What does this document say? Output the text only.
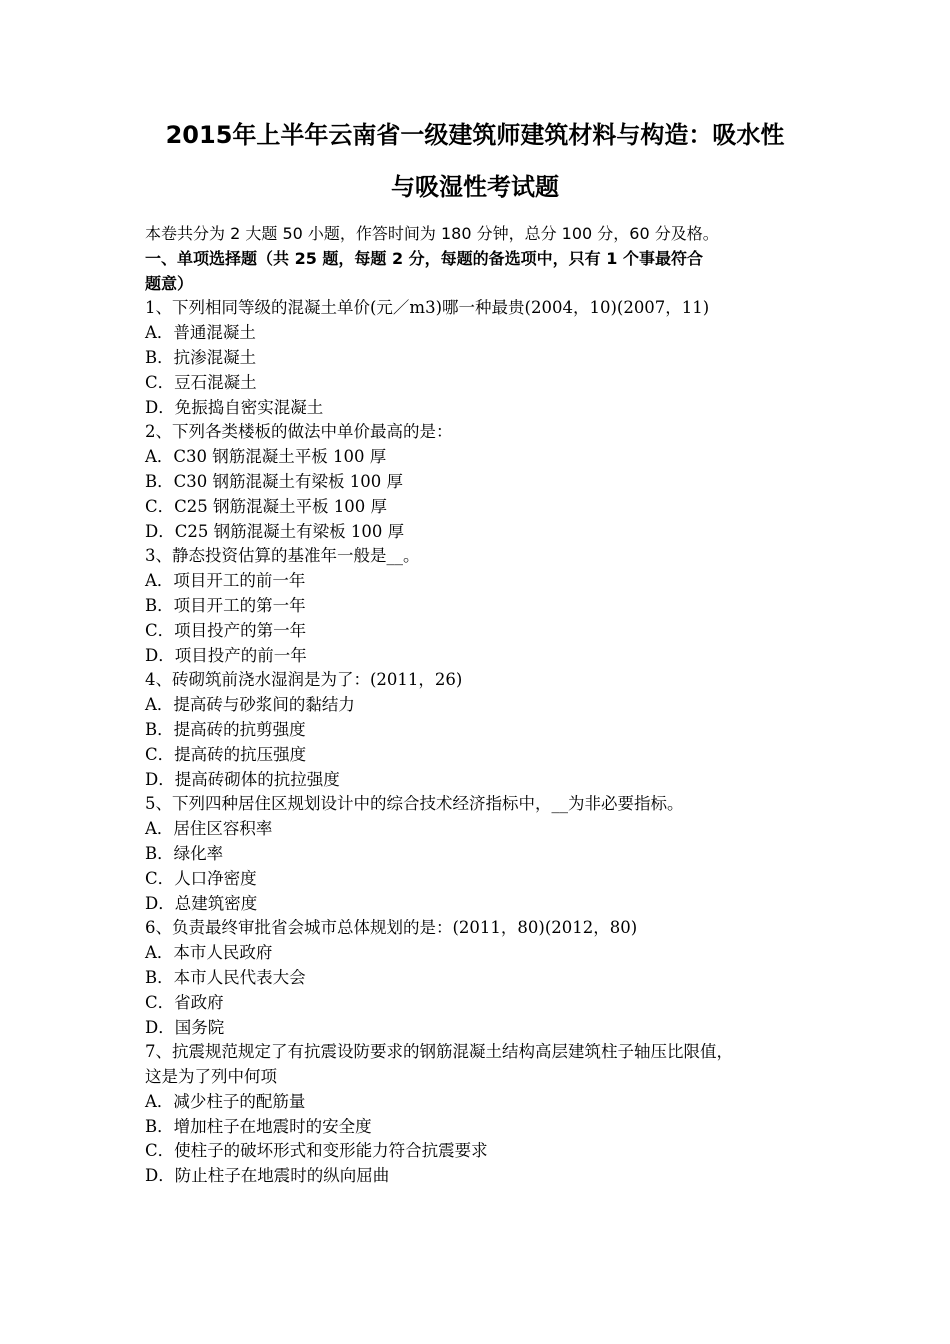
2015年上半年云南省一级建筑师建筑材料与构造：吸水性
与吸湿性考试题
本卷共分为 2 大题 50 小题，作答时间为 180 分钟，总分 100 分，60 分及格。
一、单项选择题（共 25 题，每题 2 分，每题的备选项中，只有 1 个事最符合
题意）
1、下列相同等级的混凝土单价(元／m3)哪一种最贵(2004，10)(2007，11)
A．普通混凝土
B．抗渗混凝土
C．豆石混凝土
D．免振捣自密实混凝土
2、下列各类楼板的做法中单价最高的是：
A．C30 钢筋混凝土平板 100 厚
B．C30 钢筋混凝土有梁板 100 厚
C．C25 钢筋混凝土平板 100 厚
D．C25 钢筋混凝土有梁板 100 厚
3、静态投资估算的基准年一般是__。
A．项目开工的前一年
B．项目开工的第一年
C．项目投产的第一年
D．项目投产的前一年
4、砖砌筑前浇水湿润是为了：(2011，26)
A．提高砖与砂浆间的黏结力
B．提高砖的抗剪强度
C．提高砖的抗压强度
D．提高砖砌体的抗拉强度
5、下列四种居住区规划设计中的综合技术经济指标中，__为非必要指标。
A．居住区容积率
B．绿化率
C．人口净密度
D．总建筑密度
6、负责最终审批省会城市总体规划的是：(2011，80)(2012，80)
A．本市人民政府
B．本市人民代表大会
C．省政府
D．国务院
7、抗震规范规定了有抗震设防要求的钢筋混凝土结构高层建筑柱子轴压比限值，
这是为了列中何项
A．减少柱子的配筋量
B．增加柱子在地震时的安全度
C．使柱子的破坏形式和变形能力符合抗震要求
D．防止柱子在地震时的纵向屈曲
